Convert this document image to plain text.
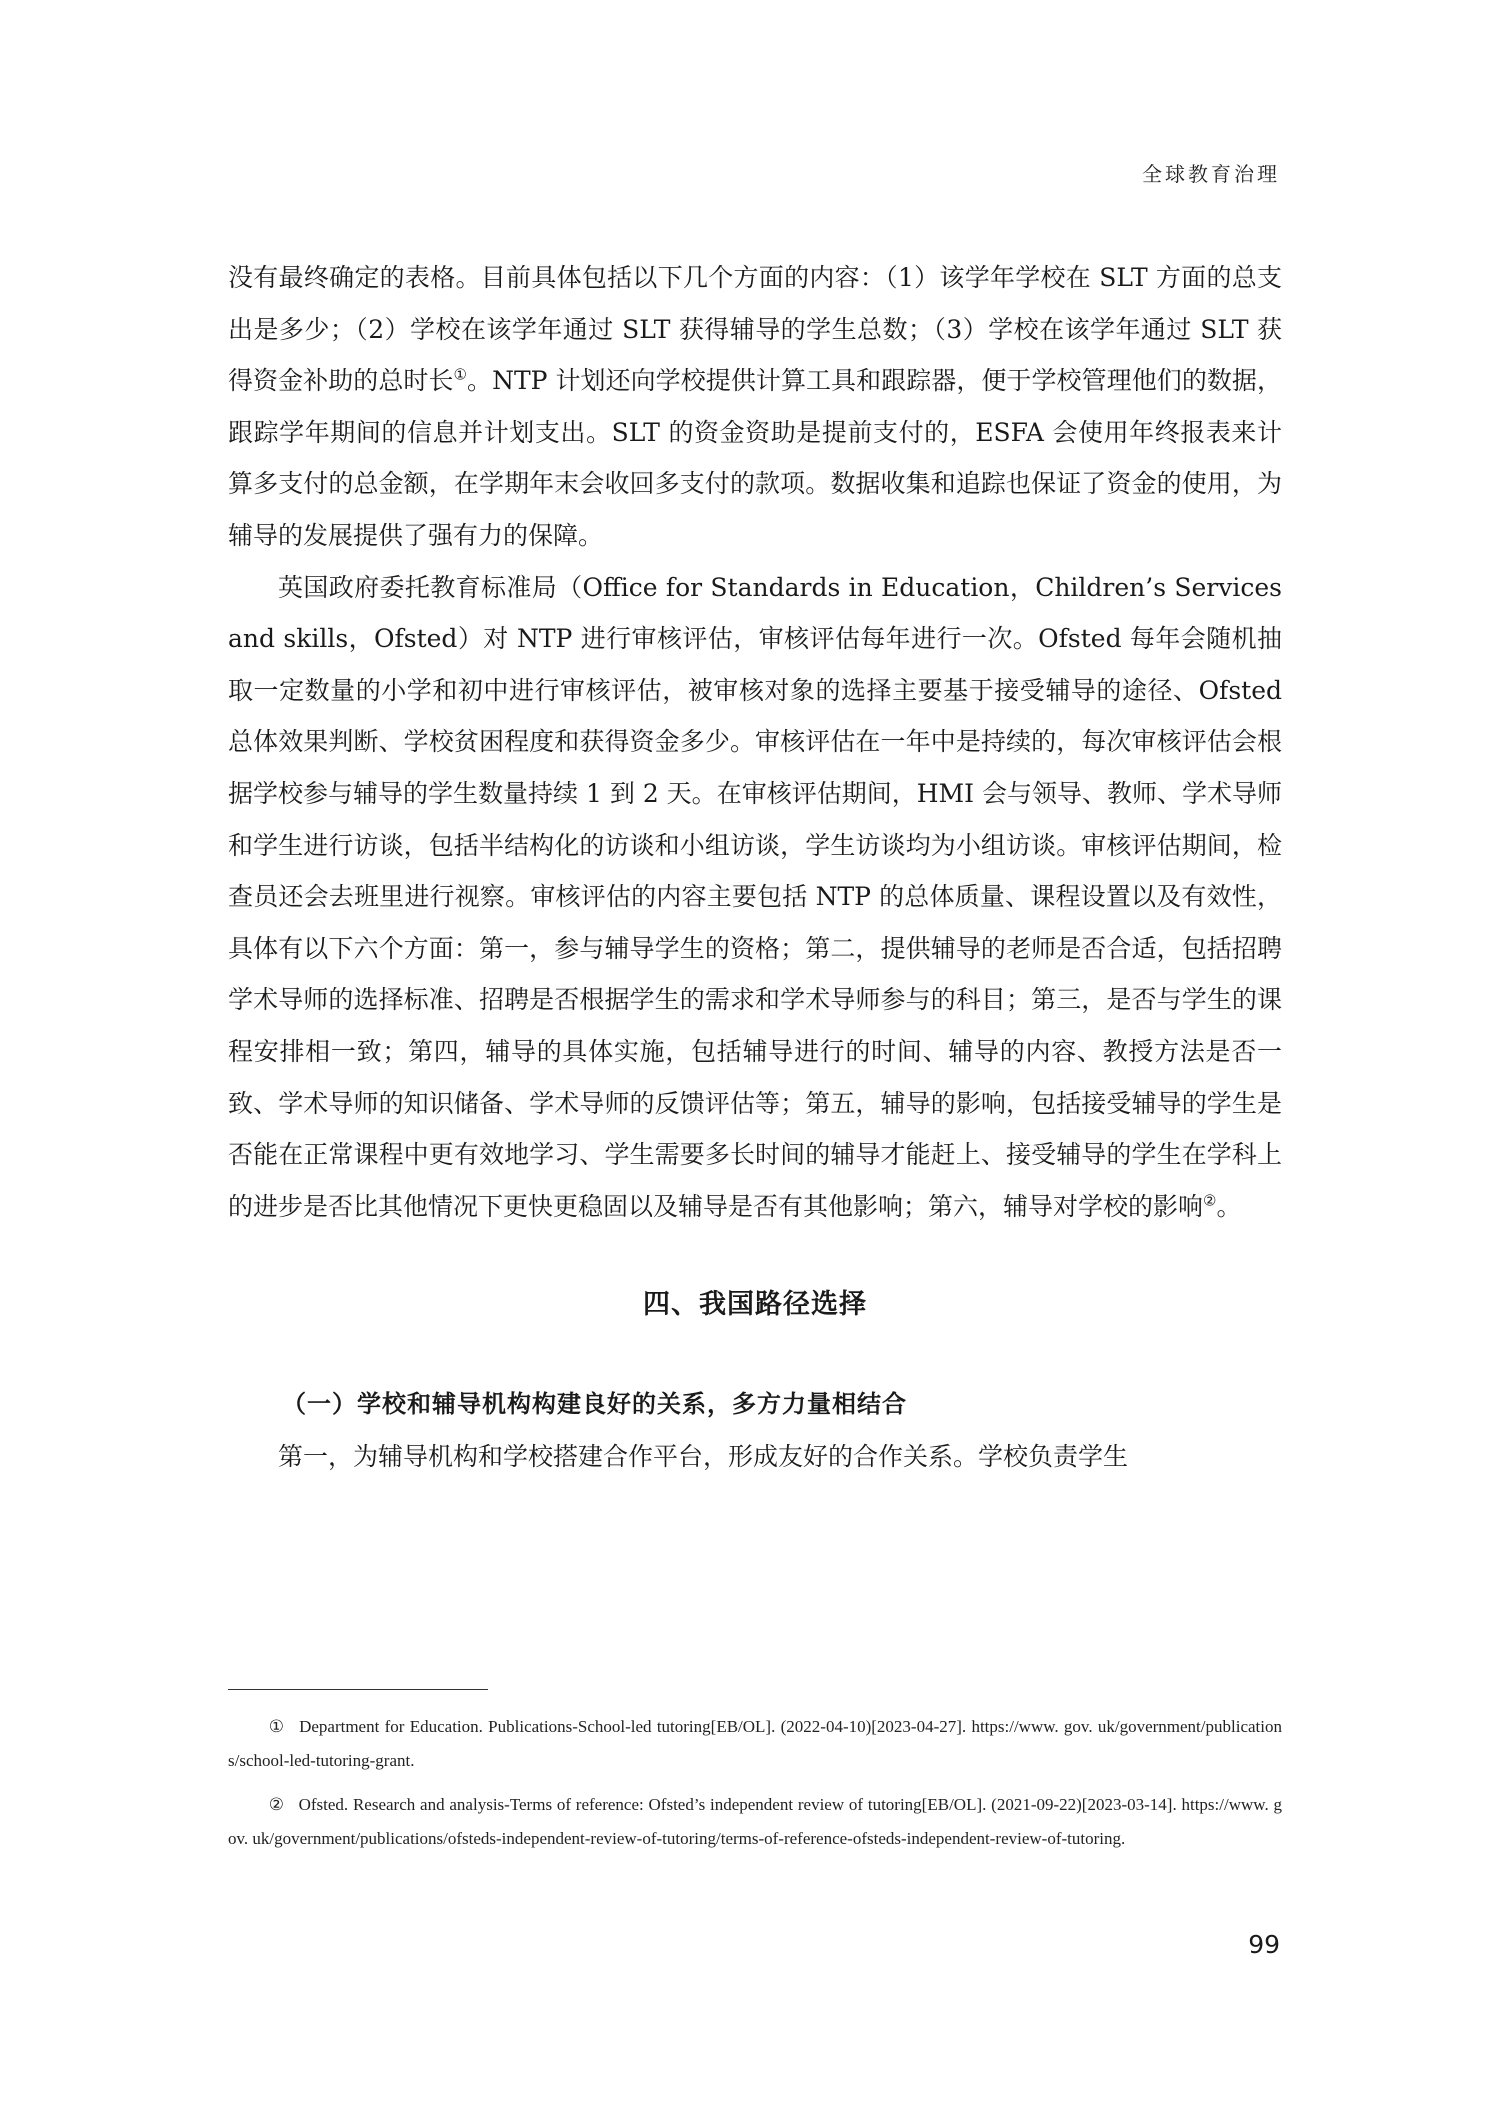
全球教育治理

没有最终确定的表格。目前具体包括以下几个方面的内容：（1）该学年学校在 SLT 方面的总支出是多少；（2）学校在该学年通过 SLT 获得辅导的学生总数；（3）学校在该学年通过 SLT 获得资金补助的总时长①。NTP 计划还向学校提供计算工具和跟踪器，便于学校管理他们的数据，跟踪学年期间的信息并计划支出。SLT 的资金资助是提前支付的，ESFA 会使用年终报表来计算多支付的总金额，在学期年末会收回多支付的款项。数据收集和追踪也保证了资金的使用，为辅导的发展提供了强有力的保障。

英国政府委托教育标准局（Office for Standards in Education，Children’s Services and skills，Ofsted）对 NTP 进行审核评估，审核评估每年进行一次。Ofsted 每年会随机抽取一定数量的小学和初中进行审核评估，被审核对象的选择主要基于接受辅导的途径、Ofsted 总体效果判断、学校贫困程度和获得资金多少。审核评估在一年中是持续的，每次审核评估会根据学校参与辅导的学生数量持续 1 到 2 天。在审核评估期间，HMI 会与领导、教师、学术导师和学生进行访谈，包括半结构化的访谈和小组访谈，学生访谈均为小组访谈。审核评估期间，检查员还会去班里进行视察。审核评估的内容主要包括 NTP 的总体质量、课程设置以及有效性，具体有以下六个方面：第一，参与辅导学生的资格；第二，提供辅导的老师是否合适，包括招聘学术导师的选择标准、招聘是否根据学生的需求和学术导师参与的科目；第三，是否与学生的课程安排相一致；第四，辅导的具体实施，包括辅导进行的时间、辅导的内容、教授方法是否一致、学术导师的知识储备、学术导师的反馈评估等；第五，辅导的影响，包括接受辅导的学生是否能在正常课程中更有效地学习、学生需要多长时间的辅导才能赶上、接受辅导的学生在学科上的进步是否比其他情况下更快更稳固以及辅导是否有其他影响；第六，辅导对学校的影响②。

四、我国路径选择
（一）学校和辅导机构构建良好的关系，多方力量相结合

第一，为辅导机构和学校搭建合作平台，形成友好的合作关系。学校负责学生

① Department for Education. Publications-School-led tutoring[EB/OL]. (2022-04-10)[2023-04-27]. https://www. gov. uk/government/publications/school-led-tutoring-grant.

② Ofsted. Research and analysis-Terms of reference: Ofsted’s independent review of tutoring[EB/OL]. (2021-09-22)[2023-03-14]. https://www. gov. uk/government/publications/ofsteds-independent-review-of-tutoring/terms-of-reference-ofsteds-independent-review-of-tutoring.

99
